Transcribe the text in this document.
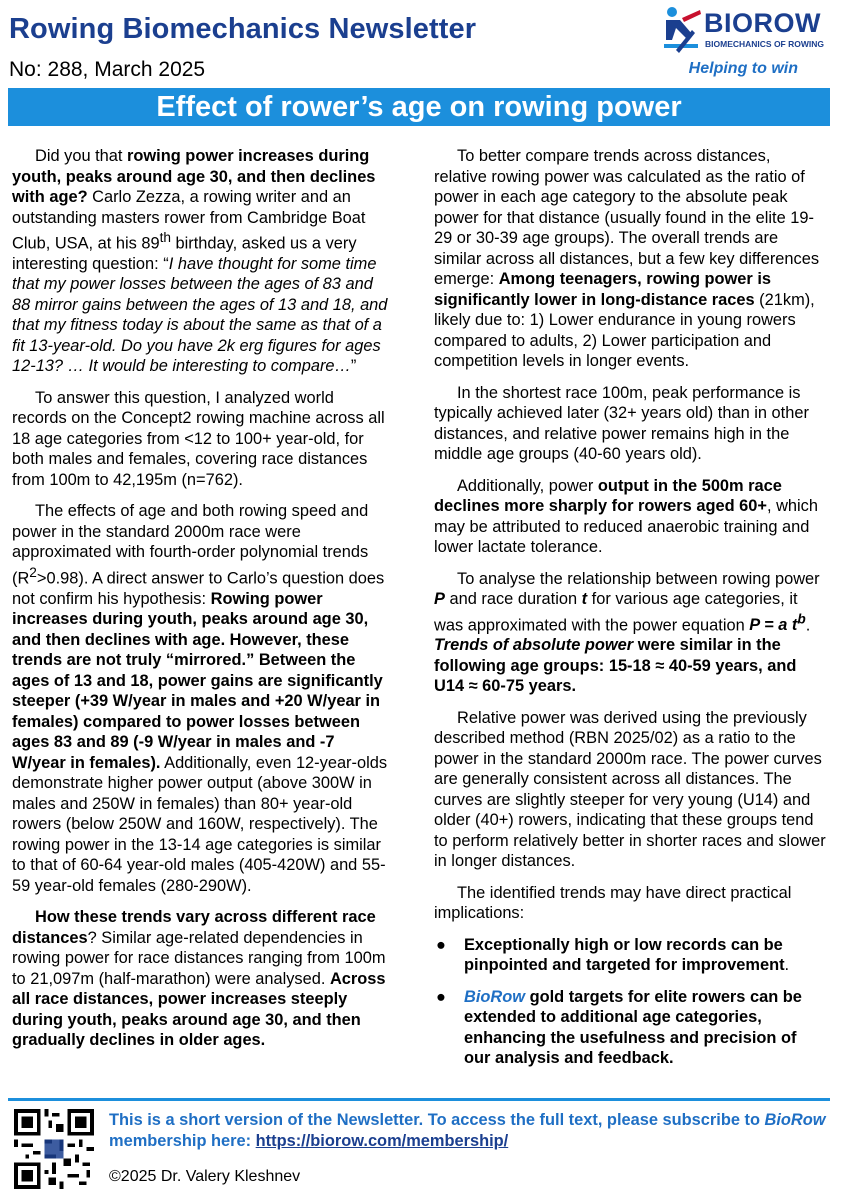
Rowing Biomechanics Newsletter
No: 288, March 2025
BIOROW
BIOMECHANICS OF ROWING
Helping to win
Effect of rower’s age on rowing power

Did you that rowing power increases during youth, peaks around age 30, and then declines with age? Carlo Zezza, a rowing writer and an outstanding masters rower from Cambridge Boat Club, USA, at his 89th birthday, asked us a very interesting question: “I have thought for some time that my power losses between the ages of 83 and 88 mirror gains between the ages of 13 and 18, and that my fitness today is about the same as that of a fit 13-year-old. Do you have 2k erg figures for ages 12-13? … It would be interesting to compare…”

To answer this question, I analyzed world records on the Concept2 rowing machine across all 18 age categories from <12 to 100+ year-old, for both males and females, covering race distances from 100m to 42,195m (n=762).

The effects of age and both rowing speed and power in the standard 2000m race were approximated with fourth-order polynomial trends $(R^2>0.98)$. A direct answer to Carlo’s question does not confirm his hypothesis: Rowing power increases during youth, peaks around age 30, and then declines with age. However, these trends are not truly “mirrored.” Between the ages of 13 and 18, power gains are significantly steeper (+39 W/year in males and +20 W/year in females) compared to power losses between ages 83 and 89 (-9 W/year in males and -7 W/year in females). Additionally, even 12-year-olds demonstrate higher power output (above 300W in males and 250W in females) than 80+ year-old rowers (below 250W and 160W, respectively). The rowing power in the 13-14 age categories is similar to that of 60-64 year-old males (405-420W) and 55-59 year-old females (280-290W).

How these trends vary across different race distances? Similar age-related dependencies in rowing power for race distances ranging from 100m to 21,097m (half-marathon) were analysed. Across all race distances, power increases steeply during youth, peaks around age 30, and then gradually declines in older ages.

To better compare trends across distances, relative rowing power was calculated as the ratio of power in each age category to the absolute peak power for that distance (usually found in the elite 19-29 or 30-39 age groups). The overall trends are similar across all distances, but a few key differences emerge: Among teenagers, rowing power is significantly lower in long-distance races (21km), likely due to: 1) Lower endurance in young rowers compared to adults, 2) Lower participation and competition levels in longer events.

In the shortest race 100m, peak performance is typically achieved later (32+ years old) than in other distances, and relative power remains high in the middle age groups (40-60 years old).

Additionally, power output in the 500m race declines more sharply for rowers aged 60+, which may be attributed to reduced anaerobic training and lower lactate tolerance.

To analyse the relationship between rowing power P and race duration t for various age categories, it was approximated with the power equation P = a $t^b$. Trends of absolute power were similar in the following age groups: 15-18 ≈ 40-59 years, and U14 ≈ 60-75 years.

Relative power was derived using the previously described method (RBN 2025/02) as a ratio to the power in the standard 2000m race. The power curves are generally consistent across all distances. The curves are slightly steeper for very young (U14) and older (40+) rowers, indicating that these groups tend to perform relatively better in shorter races and slower in longer distances.

The identified trends may have direct practical implications:

● Exceptionally high or low records can be pinpointed and targeted for improvement.
● BioRow gold targets for elite rowers can be extended to additional age categories, enhancing the usefulness and precision of our analysis and feedback.
This is a short version of the Newsletter. To access the full text, please subscribe to BioRow membership here: https://biorow.com/membership/
©2025 Dr. Valery Kleshnev
